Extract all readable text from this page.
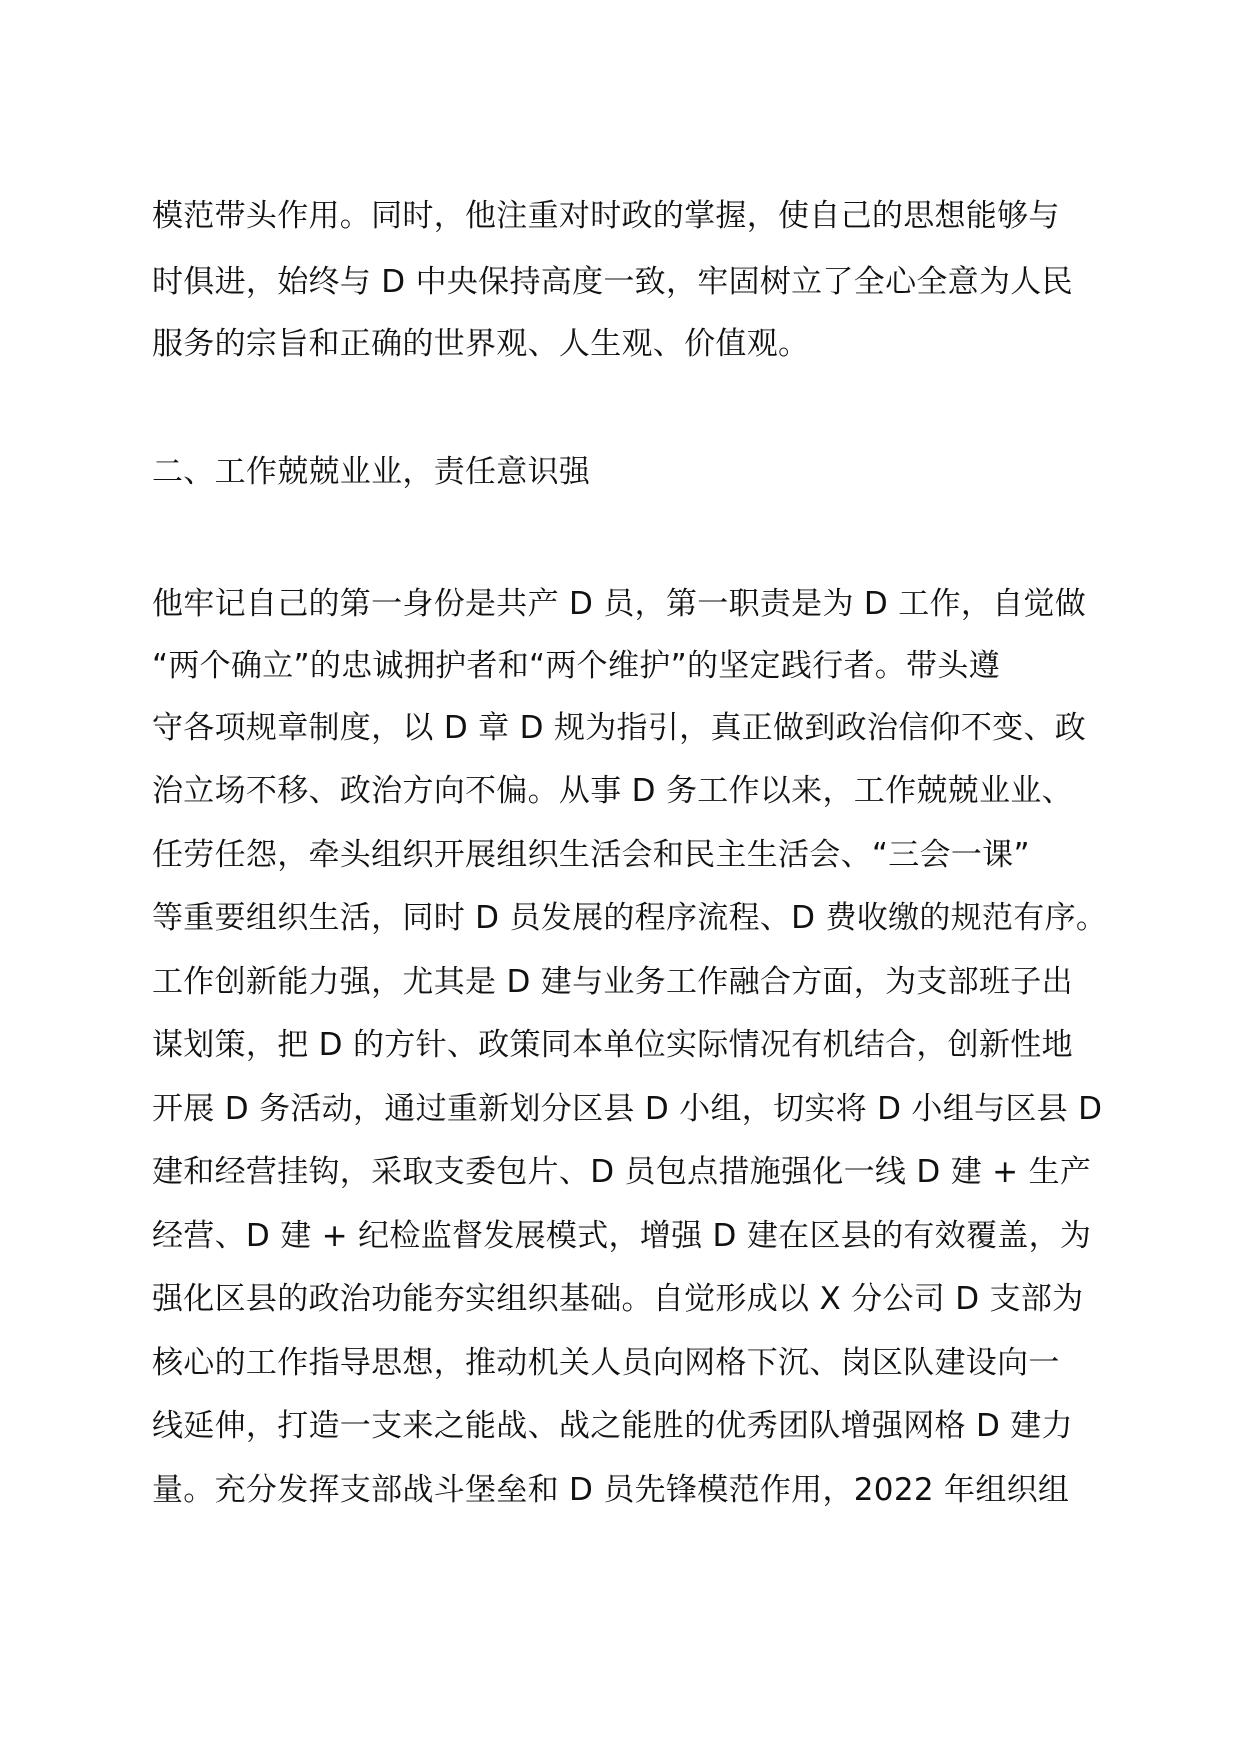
模范带头作用。同时，他注重对时政的掌握，使自己的思想能够与
时俱进，始终与 D 中央保持高度一致，牢固树立了全心全意为人民
服务的宗旨和正确的世界观、人生观、价值观。
二、工作兢兢业业，责任意识强
他牢记自己的第一身份是共产 D 员，第一职责是为 D 工作，自觉做
“两个确立”的忠诚拥护者和“两个维护”的坚定践行者。带头遵
守各项规章制度，以 D 章 D 规为指引，真正做到政治信仰不变、政
治立场不移、政治方向不偏。从事 D 务工作以来，工作兢兢业业、
任劳任怨，牵头组织开展组织生活会和民主生活会、“三会一课”
等重要组织生活，同时 D 员发展的程序流程、D 费收缴的规范有序。
工作创新能力强，尤其是 D 建与业务工作融合方面，为支部班子出
谋划策，把 D 的方针、政策同本单位实际情况有机结合，创新性地
开展 D 务活动，通过重新划分区县 D 小组，切实将 D 小组与区县 D
建和经营挂钩，采取支委包片、D 员包点措施强化一线 D 建 + 生产
经营、D 建 + 纪检监督发展模式，增强 D 建在区县的有效覆盖，为
强化区县的政治功能夯实组织基础。自觉形成以 X 分公司 D 支部为
核心的工作指导思想，推动机关人员向网格下沉、岗区队建设向一
线延伸，打造一支来之能战、战之能胜的优秀团队增强网格 D 建力
量。充分发挥支部战斗堡垒和 D 员先锋模范作用，2022 年组织组
